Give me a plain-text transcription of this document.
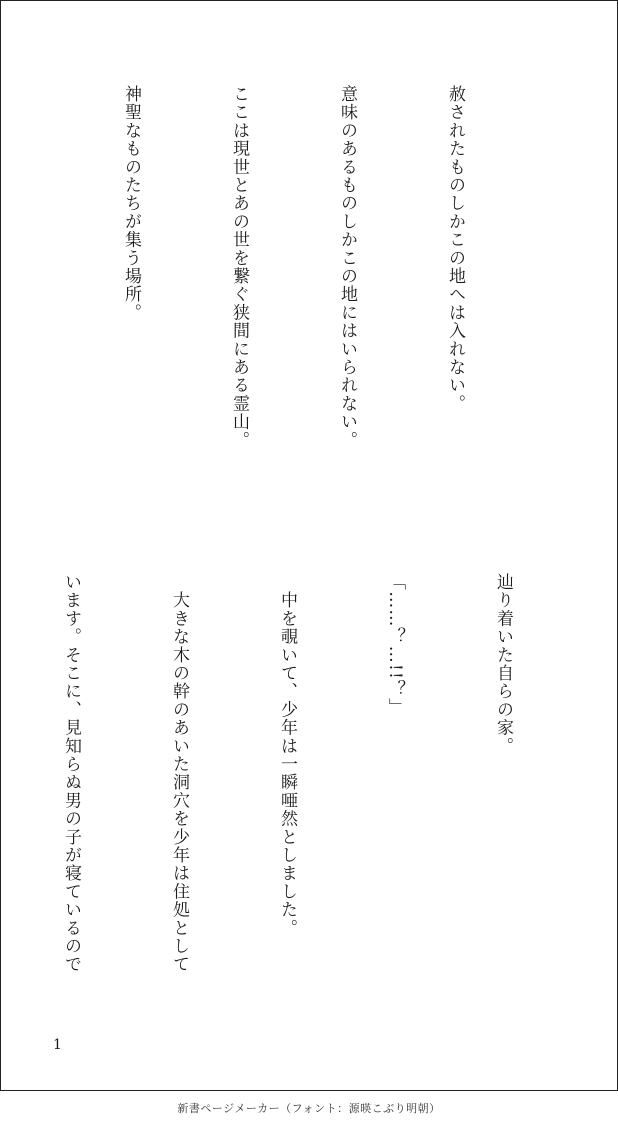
赦されたものしかこの地へは入れない。

意味のあるものしかこの地にはいられない。

ここは現世とあの世を繋ぐ狭間にある霊山。

神聖なものたちが集う場所。

辿り着いた自らの家。

「……？…!!？」

　中を覗いて、少年は一瞬唖然としました。

　大きな木の幹のあいた洞穴を少年は住処として

います。そこに、見知らぬ男の子が寝ているので

1
新書ページメーカー（フォント：源暎こぶり明朝）
